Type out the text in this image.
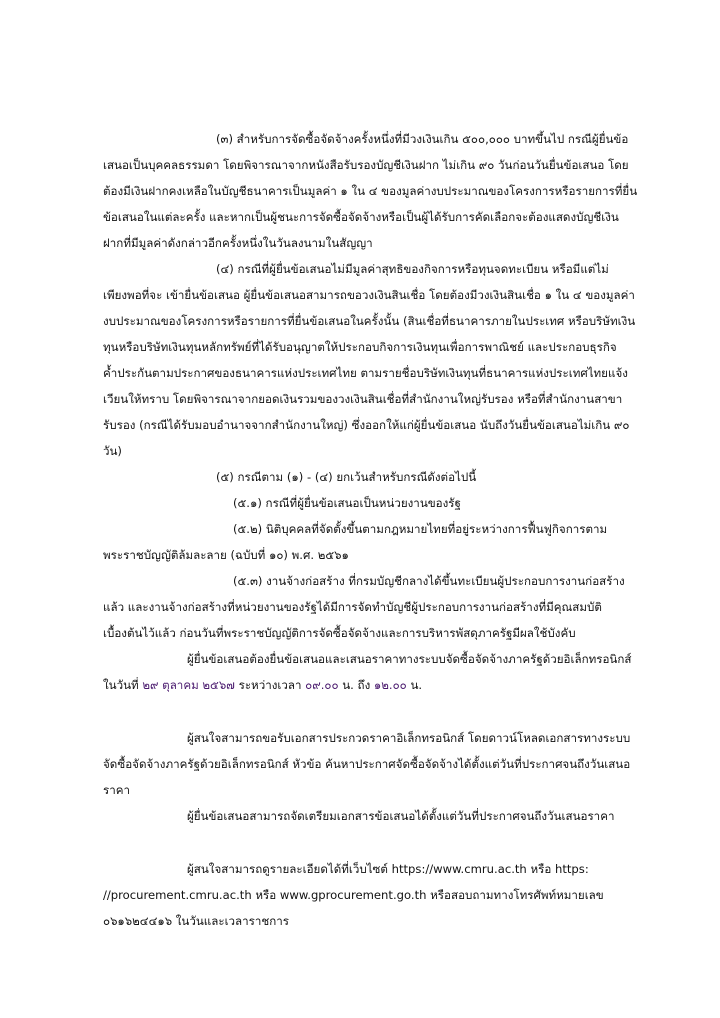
(๓) สำหรับการจัดซื้อจัดจ้างครั้งหนึ่งที่มีวงเงินเกิน ๕๐๐,๐๐๐ บาทขึ้นไป กรณีผู้ยื่นข้อ
เสนอเป็นบุคคลธรรมดา โดยพิจารณาจากหนังสือรับรองบัญชีเงินฝาก ไม่เกิน ๙๐ วันก่อนวันยื่นข้อเสนอ โดย
ต้องมีเงินฝากคงเหลือในบัญชีธนาคารเป็นมูลค่า ๑ ใน ๔ ของมูลค่างบประมาณของโครงการหรือรายการที่ยื่น
ข้อเสนอในแต่ละครั้ง และหากเป็นผู้ชนะการจัดซื้อจัดจ้างหรือเป็นผู้ได้รับการคัดเลือกจะต้องแสดงบัญชีเงิน
ฝากที่มีมูลค่าดังกล่าวอีกครั้งหนึ่งในวันลงนามในสัญญา
(๔) กรณีที่ผู้ยื่นข้อเสนอไม่มีมูลค่าสุทธิของกิจการหรือทุนจดทะเบียน หรือมีแต่ไม่
เพียงพอที่จะ เข้ายื่นข้อเสนอ ผู้ยื่นข้อเสนอสามารถขอวงเงินสินเชื่อ โดยต้องมีวงเงินสินเชื่อ ๑ ใน ๔ ของมูลค่า
งบประมาณของโครงการหรือรายการที่ยื่นข้อเสนอในครั้งนั้น (สินเชื่อที่ธนาคารภายในประเทศ หรือบริษัทเงิน
ทุนหรือบริษัทเงินทุนหลักทรัพย์ที่ได้รับอนุญาตให้ประกอบกิจการเงินทุนเพื่อการพาณิชย์ และประกอบธุรกิจ
ค้ำประกันตามประกาศของธนาคารแห่งประเทศไทย ตามรายชื่อบริษัทเงินทุนที่ธนาคารแห่งประเทศไทยแจ้ง
เวียนให้ทราบ โดยพิจารณาจากยอดเงินรวมของวงเงินสินเชื่อที่สำนักงานใหญ่รับรอง หรือที่สำนักงานสาขา
รับรอง (กรณีได้รับมอบอำนาจจากสำนักงานใหญ่) ซึ่งออกให้แก่ผู้ยื่นข้อเสนอ นับถึงวันยื่นข้อเสนอไม่เกิน ๙๐
วัน)
(๕) กรณีตาม (๑) - (๔) ยกเว้นสำหรับกรณีดังต่อไปนี้
(๕.๑) กรณีที่ผู้ยื่นข้อเสนอเป็นหน่วยงานของรัฐ
(๕.๒) นิติบุคคลที่จัดตั้งขึ้นตามกฎหมายไทยที่อยู่ระหว่างการฟื้นฟูกิจการตาม
พระราชบัญญัติล้มละลาย (ฉบับที่ ๑๐) พ.ศ. ๒๕๖๑
(๕.๓) งานจ้างก่อสร้าง ที่กรมบัญชีกลางได้ขึ้นทะเบียนผู้ประกอบการงานก่อสร้าง
แล้ว และงานจ้างก่อสร้างที่หน่วยงานของรัฐได้มีการจัดทำบัญชีผู้ประกอบการงานก่อสร้างที่มีคุณสมบัติ
เบื้องต้นไว้แล้ว ก่อนวันที่พระราชบัญญัติการจัดซื้อจัดจ้างและการบริหารพัสดุภาครัฐมีผลใช้บังคับ
ผู้ยื่นข้อเสนอต้องยื่นข้อเสนอและเสนอราคาทางระบบจัดซื้อจัดจ้างภาครัฐด้วยอิเล็กทรอนิกส์
ในวันที่ ๒๙ ตุลาคม ๒๕๖๗ ระหว่างเวลา ๐๙.๐๐ น. ถึง ๑๒.๐๐ น.
ผู้สนใจสามารถขอรับเอกสารประกวดราคาอิเล็กทรอนิกส์ โดยดาวน์โหลดเอกสารทางระบบ
จัดซื้อจัดจ้างภาครัฐด้วยอิเล็กทรอนิกส์ หัวข้อ ค้นหาประกาศจัดซื้อจัดจ้างได้ตั้งแต่วันที่ประกาศจนถึงวันเสนอ
ราคา
ผู้ยื่นข้อเสนอสามารถจัดเตรียมเอกสารข้อเสนอได้ตั้งแต่วันที่ประกาศจนถึงวันเสนอราคา
ผู้สนใจสามารถดูรายละเอียดได้ที่เว็บไซต์ https://www.cmru.ac.th หรือ https:
//procurement.cmru.ac.th หรือ www.gprocurement.go.th หรือสอบถามทางโทรศัพท์หมายเลข
๐๖๑๖๒๔๔๑๖ ในวันและเวลาราชการ
